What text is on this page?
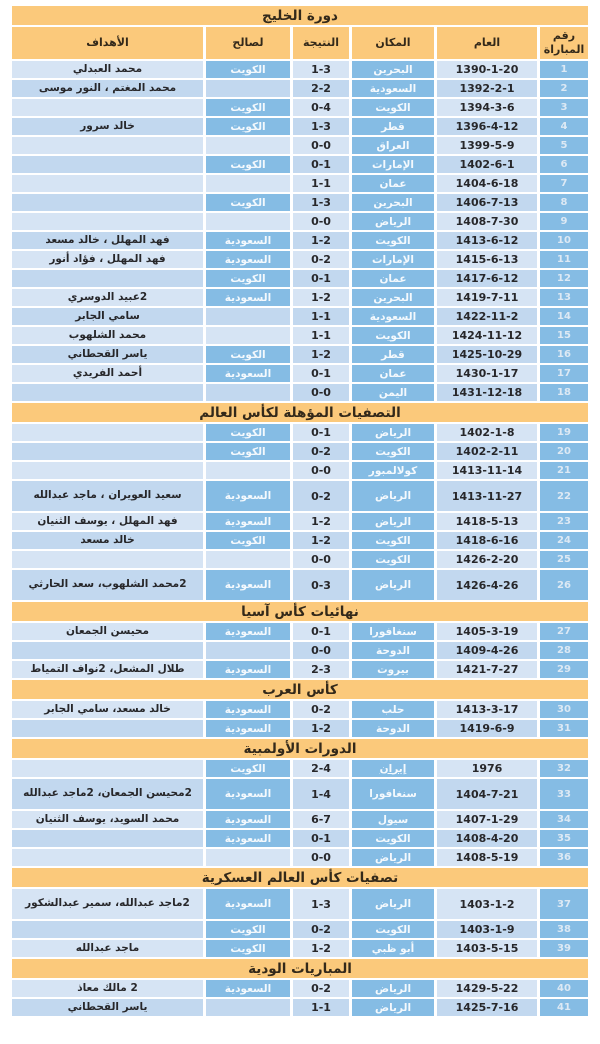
دورة الخليج					
رقم المباراة	العام	المكان	النتيجة	لصالح	الأهداف
1	1390-1-20	البحرين	1-3	الكويت	محمد العبدلي
2	1392-2-1	السعودية	2-2		محمد المغتم ، النور موسى
3	1394-3-6	الكويت	0-4	الكويت	
4	1396-4-12	قطر	1-3	الكويت	خالد سرور
5	1399-5-9	العراق	0-0		
6	1402-6-1	الإمارات	0-1	الكويت	
7	1404-6-18	عمان	1-1		
8	1406-7-13	البحرين	1-3	الكويت	
9	1408-7-30	الرياض	0-0		
10	1413-6-12	الكويت	1-2	السعودية	فهد المهلل ، خالد مسعد
11	1415-6-13	الإمارات	0-2	السعودية	فهد المهلل ، فؤاد أنور
12	1417-6-12	عمان	0-1	الكويت	
13	1419-7-11	البحرين	1-2	السعودية	2عبيد الدوسري
14	1422-11-2	السعودية	1-1		سامي الجابر
15	1424-11-12	الكويت	1-1		محمد الشلهوب
16	1425-10-29	قطر	1-2	الكويت	ياسر القحطاني
17	1430-1-17	عمان	0-1	السعودية	أحمد الفريدي
18	1431-12-18	اليمن	0-0		
التصفيات المؤهلة لكأس العالم					
19	1402-1-8	الرياض	0-1	الكويت	
20	1402-2-11	الكويت	0-2	الكويت	
21	1413-11-14	كولالمبور	0-0		
22	1413-11-27	الرياض	0-2	السعودية	سعيد العويران ، ماجد عبدالله
23	1418-5-13	الرياض	1-2	السعودية	فهد المهلل ، يوسف الثنيان
24	1418-6-16	الكويت	1-2	الكويت	خالد مسعد
25	1426-2-20	الكويت	0-0		
26	1426-4-26	الرياض	0-3	السعودية	2محمد الشلهوب، سعد الحارثي
نهائيات كأس آسيا					
27	1405-3-19	سنغافورا	0-1	السعودية	محيسن الجمعان
28	1409-4-26	الدوحة	0-0		
29	1421-7-27	بيروت	2-3	السعودية	طلال المشعل، 2نواف التمياط
كأس العرب					
30	1413-3-17	حلب	0-2	السعودية	خالد مسعد، سامي الجابر
31	1419-6-9	الدوحة	1-2	السعودية	
الدورات الأولمبية					
32	1976	إيران	2-4	الكويت	
33	1404-7-21	سنغافورا	1-4	السعودية	2محيسن الجمعان، 2ماجد عبدالله
34	1407-1-29	سيول	6-7	السعودية	محمد السويد، يوسف الثنيان
35	1408-4-20	الكويت	0-1	السعودية	
36	1408-5-19	الرياض	0-0		
تصفيات كأس العالم العسكرية					
37	1403-1-2	الرياض	1-3	السعودية	2ماجد عبدالله، سمير عبدالشكور
38	1403-1-9	الكويت	0-2	الكويت	
39	1403-5-15	أبو ظبي	1-2	الكويت	ماجد عبدالله
المباريات الودية					
40	1429-5-22	الرياض	0-2	السعودية	2 مالك معاذ
41	1425-7-16	الرياض	1-1		ياسر القحطاني
